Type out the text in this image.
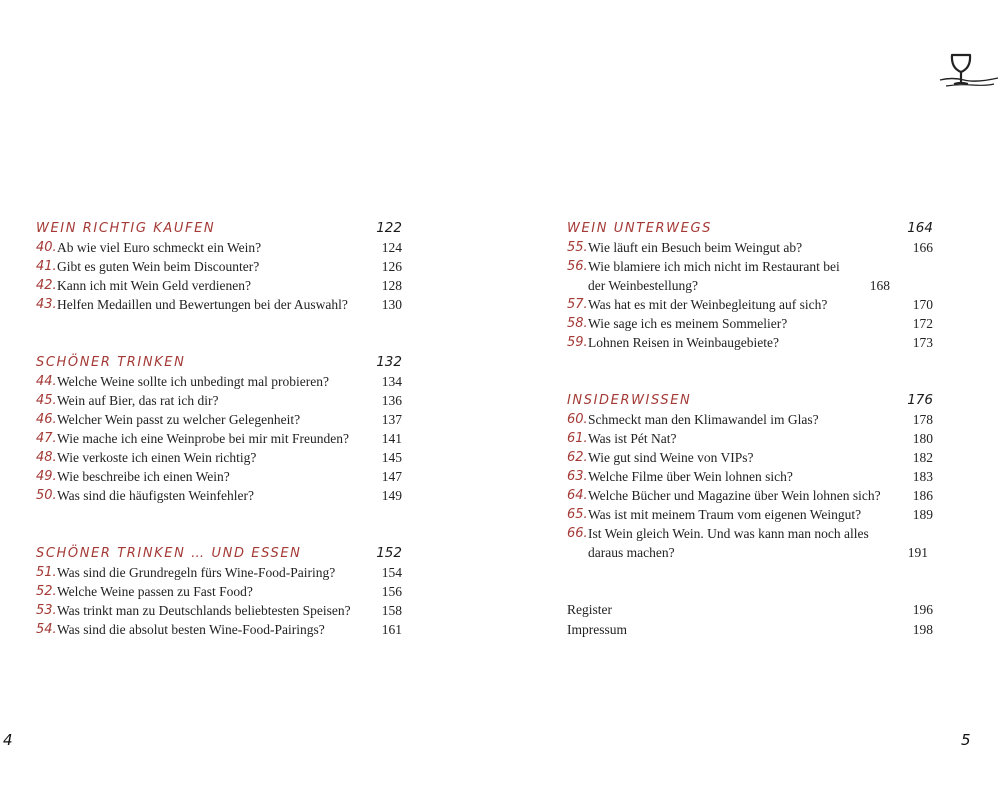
WEIN RICHTIG KAUFEN	122
40. Ab wie viel Euro schmeckt ein Wein?	124
41. Gibt es guten Wein beim Discounter?	126
42. Kann ich mit Wein Geld verdienen?	128
43. Helfen Medaillen und Bewertungen bei der Auswahl?	130
SCHÖNER TRINKEN	132
44. Welche Weine sollte ich unbedingt mal probieren?	134
45. Wein auf Bier, das rat ich dir?	136
46. Welcher Wein passt zu welcher Gelegenheit?	137
47. Wie mache ich eine Weinprobe bei mir mit Freunden?	141
48. Wie verkoste ich einen Wein richtig?	145
49. Wie beschreibe ich einen Wein?	147
50. Was sind die häufigsten Weinfehler?	149
SCHÖNER TRINKEN … UND ESSEN	152
51. Was sind die Grundregeln fürs Wine-Food-Pairing?	154
52. Welche Weine passen zu Fast Food?	156
53. Was trinkt man zu Deutschlands beliebtesten Speisen?	158
54. Was sind die absolut besten Wine-Food-Pairings?	161
WEIN UNTERWEGS	164
55. Wie läuft ein Besuch beim Weingut ab?	166
56. Wie blamiere ich mich nicht im Restaurant bei der Weinbestellung?	168
57. Was hat es mit der Weinbegleitung auf sich?	170
58. Wie sage ich es meinem Sommelier?	172
59. Lohnen Reisen in Weinbaugebiete?	173
INSIDERWISSEN	176
60. Schmeckt man den Klimawandel im Glas?	178
61. Was ist Pét Nat?	180
62. Wie gut sind Weine von VIPs?	182
63. Welche Filme über Wein lohnen sich?	183
64. Welche Bücher und Magazine über Wein lohnen sich?	186
65. Was ist mit meinem Traum vom eigenen Weingut?	189
66. Ist Wein gleich Wein. Und was kann man noch alles daraus machen?	191
Register	196
Impressum	198
4	5
